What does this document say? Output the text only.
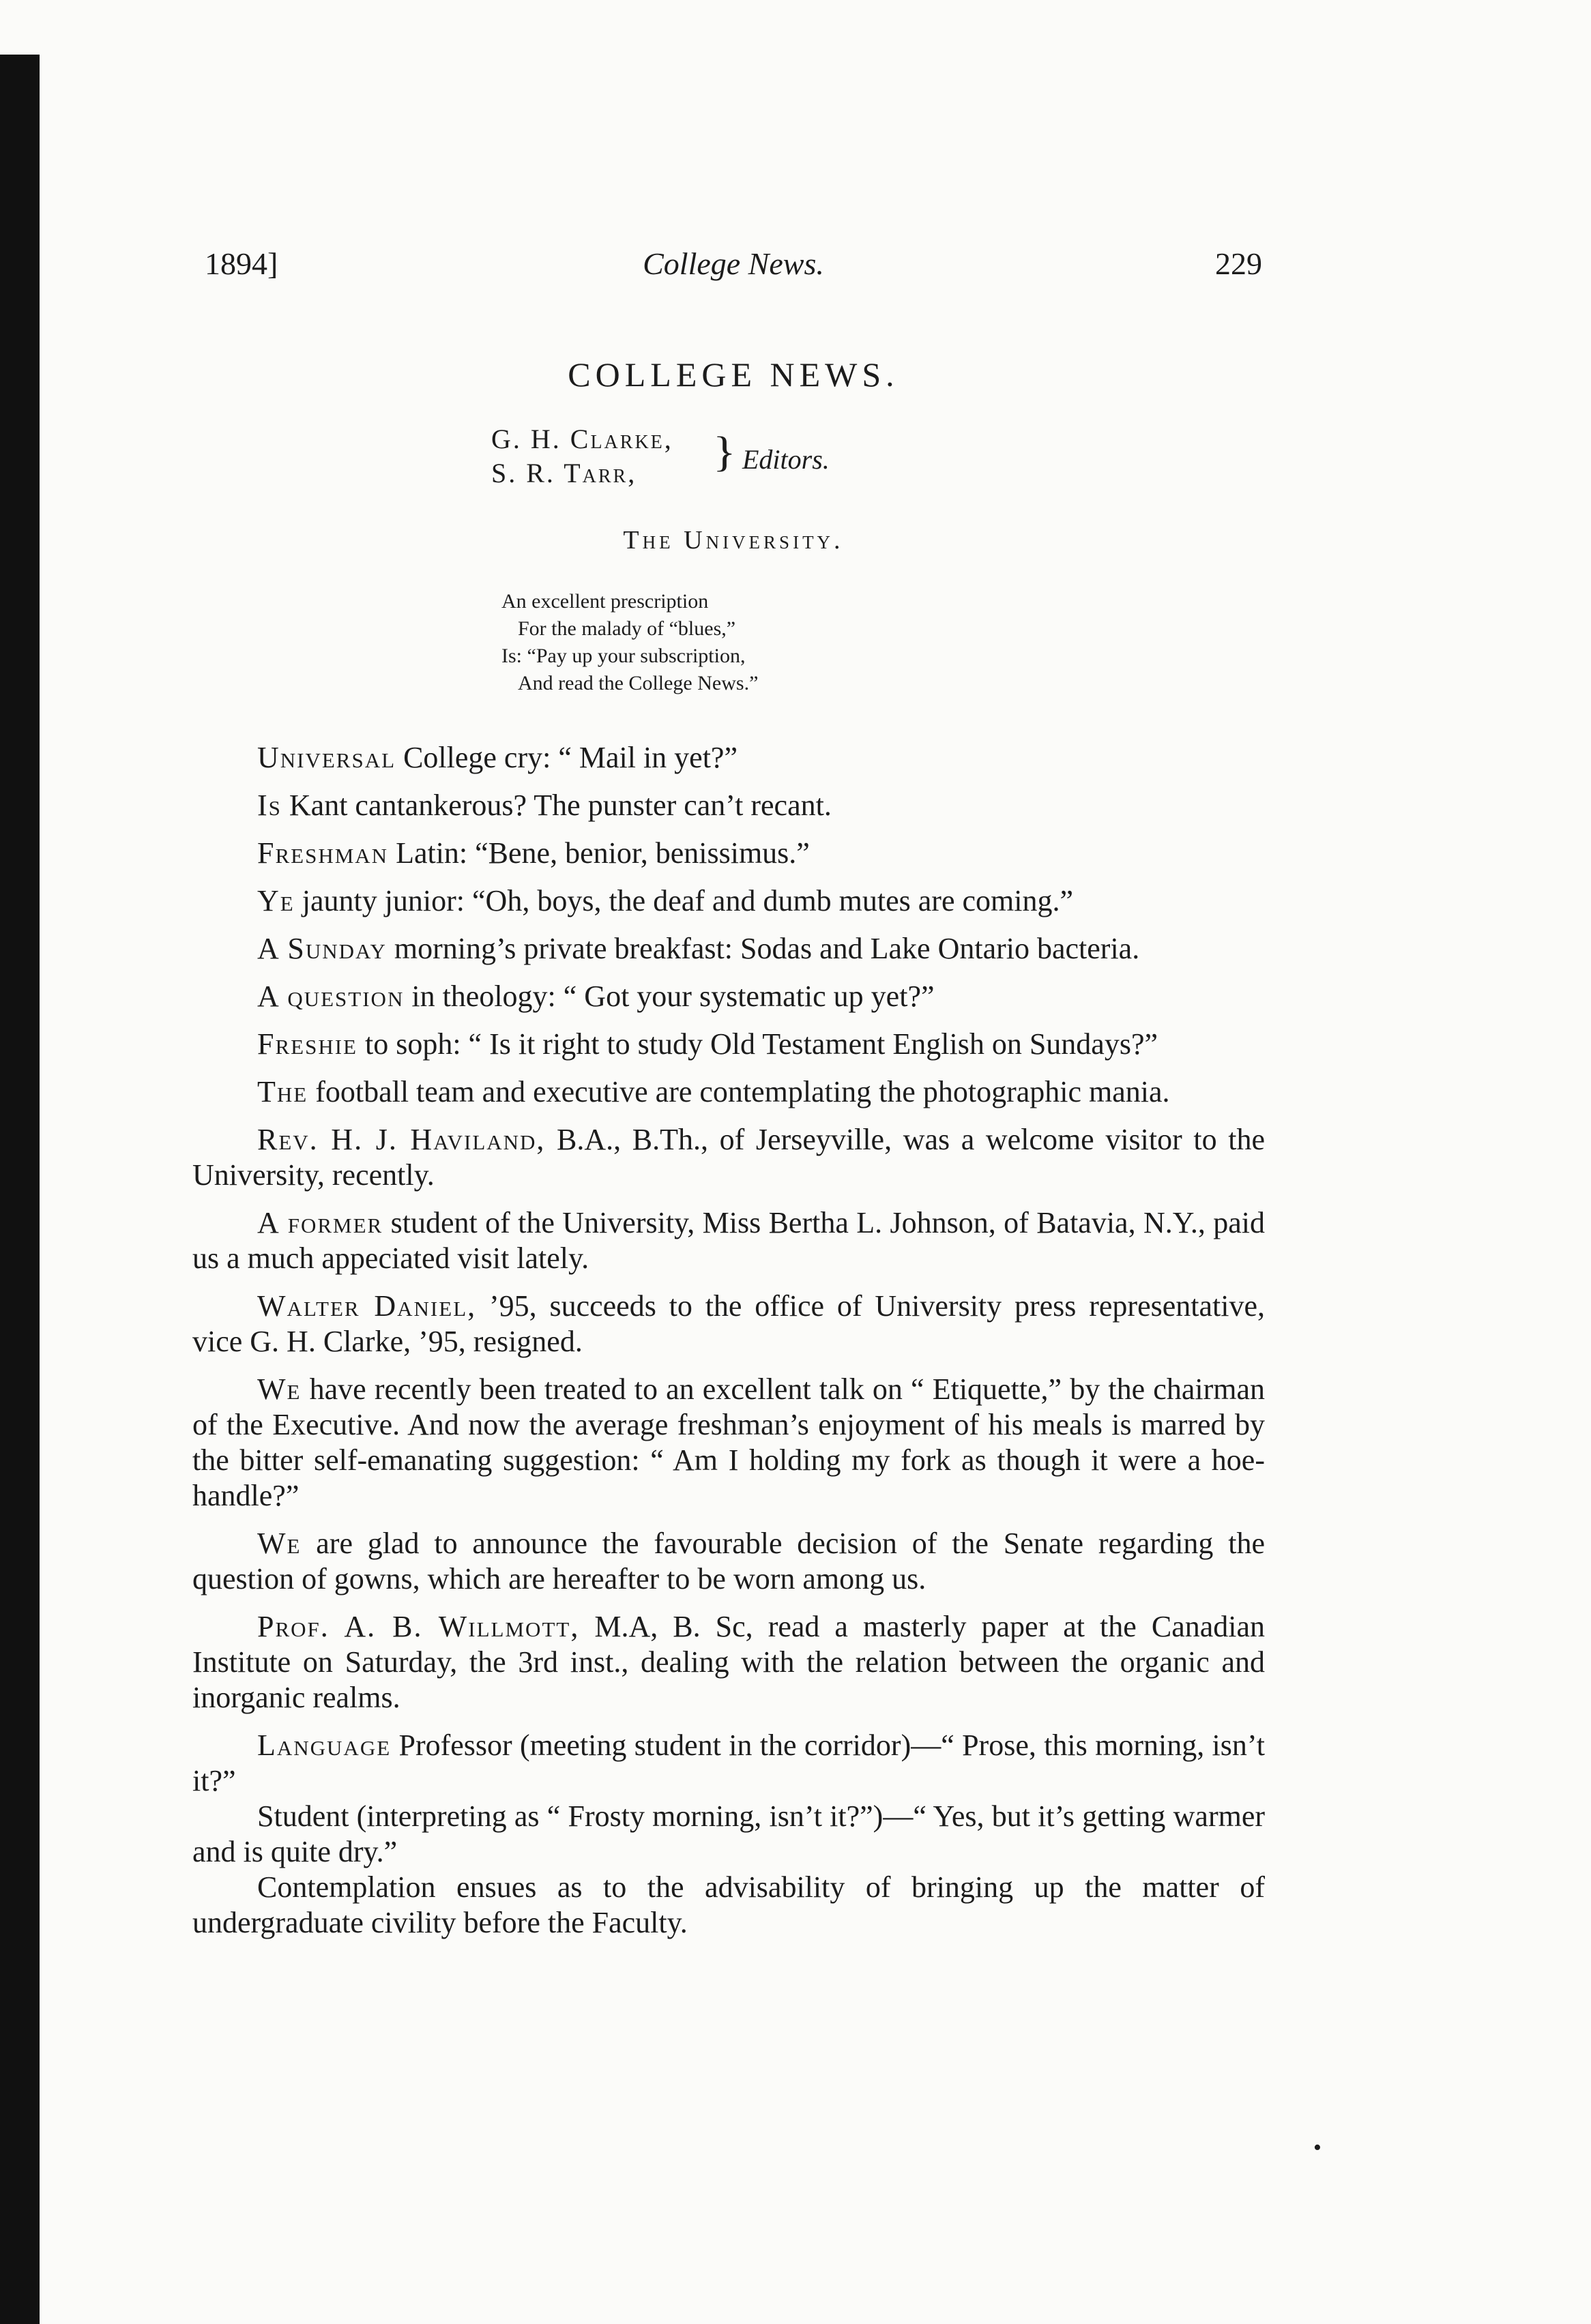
1894]	College News.	229
COLLEGE NEWS.
G. H. Clarke,
S. R. Tarr, } Editors.
The University.
An excellent prescription
For the malady of “blues,”
Is: “Pay up your subscription,
And read the College News.”

Universal College cry: “ Mail in yet?”

Is Kant cantankerous? The punster can’t recant.

Freshman Latin: “Bene, benior, benissimus.”

Ye jaunty junior: “Oh, boys, the deaf and dumb mutes are coming.”

A Sunday morning’s private breakfast: Sodas and Lake Ontario bacteria.

A question in theology: “ Got your systematic up yet?”

Freshie to soph: “ Is it right to study Old Testament English on Sundays?”

The football team and executive are contemplating the photographic mania.

Rev. H. J. Haviland, B.A., B.Th., of Jerseyville, was a welcome visitor to the University, recently.

A former student of the University, Miss Bertha L. Johnson, of Batavia, N.Y., paid us a much appeciated visit lately.

Walter Daniel, ’95, succeeds to the office of University press representative, vice G. H. Clarke, ’95, resigned.

We have recently been treated to an excellent talk on “ Etiquette,” by the chairman of the Executive. And now the average freshman’s enjoyment of his meals is marred by the bitter self-emanating suggestion: “ Am I holding my fork as though it were a hoe-handle?”

We are glad to announce the favourable decision of the Senate regarding the question of gowns, which are hereafter to be worn among us.

Prof. A. B. Willmott, M.A, B. Sc, read a masterly paper at the Canadian Institute on Saturday, the 3rd inst., dealing with the relation between the organic and inorganic realms.

Language Professor (meeting student in the corridor)—“ Prose, this morning, isn’t it?”

Student (interpreting as “ Frosty morning, isn’t it?”)—“ Yes, but it’s getting warmer and is quite dry.”

Contemplation ensues as to the advisability of bringing up the matter of undergraduate civility before the Faculty.

•
